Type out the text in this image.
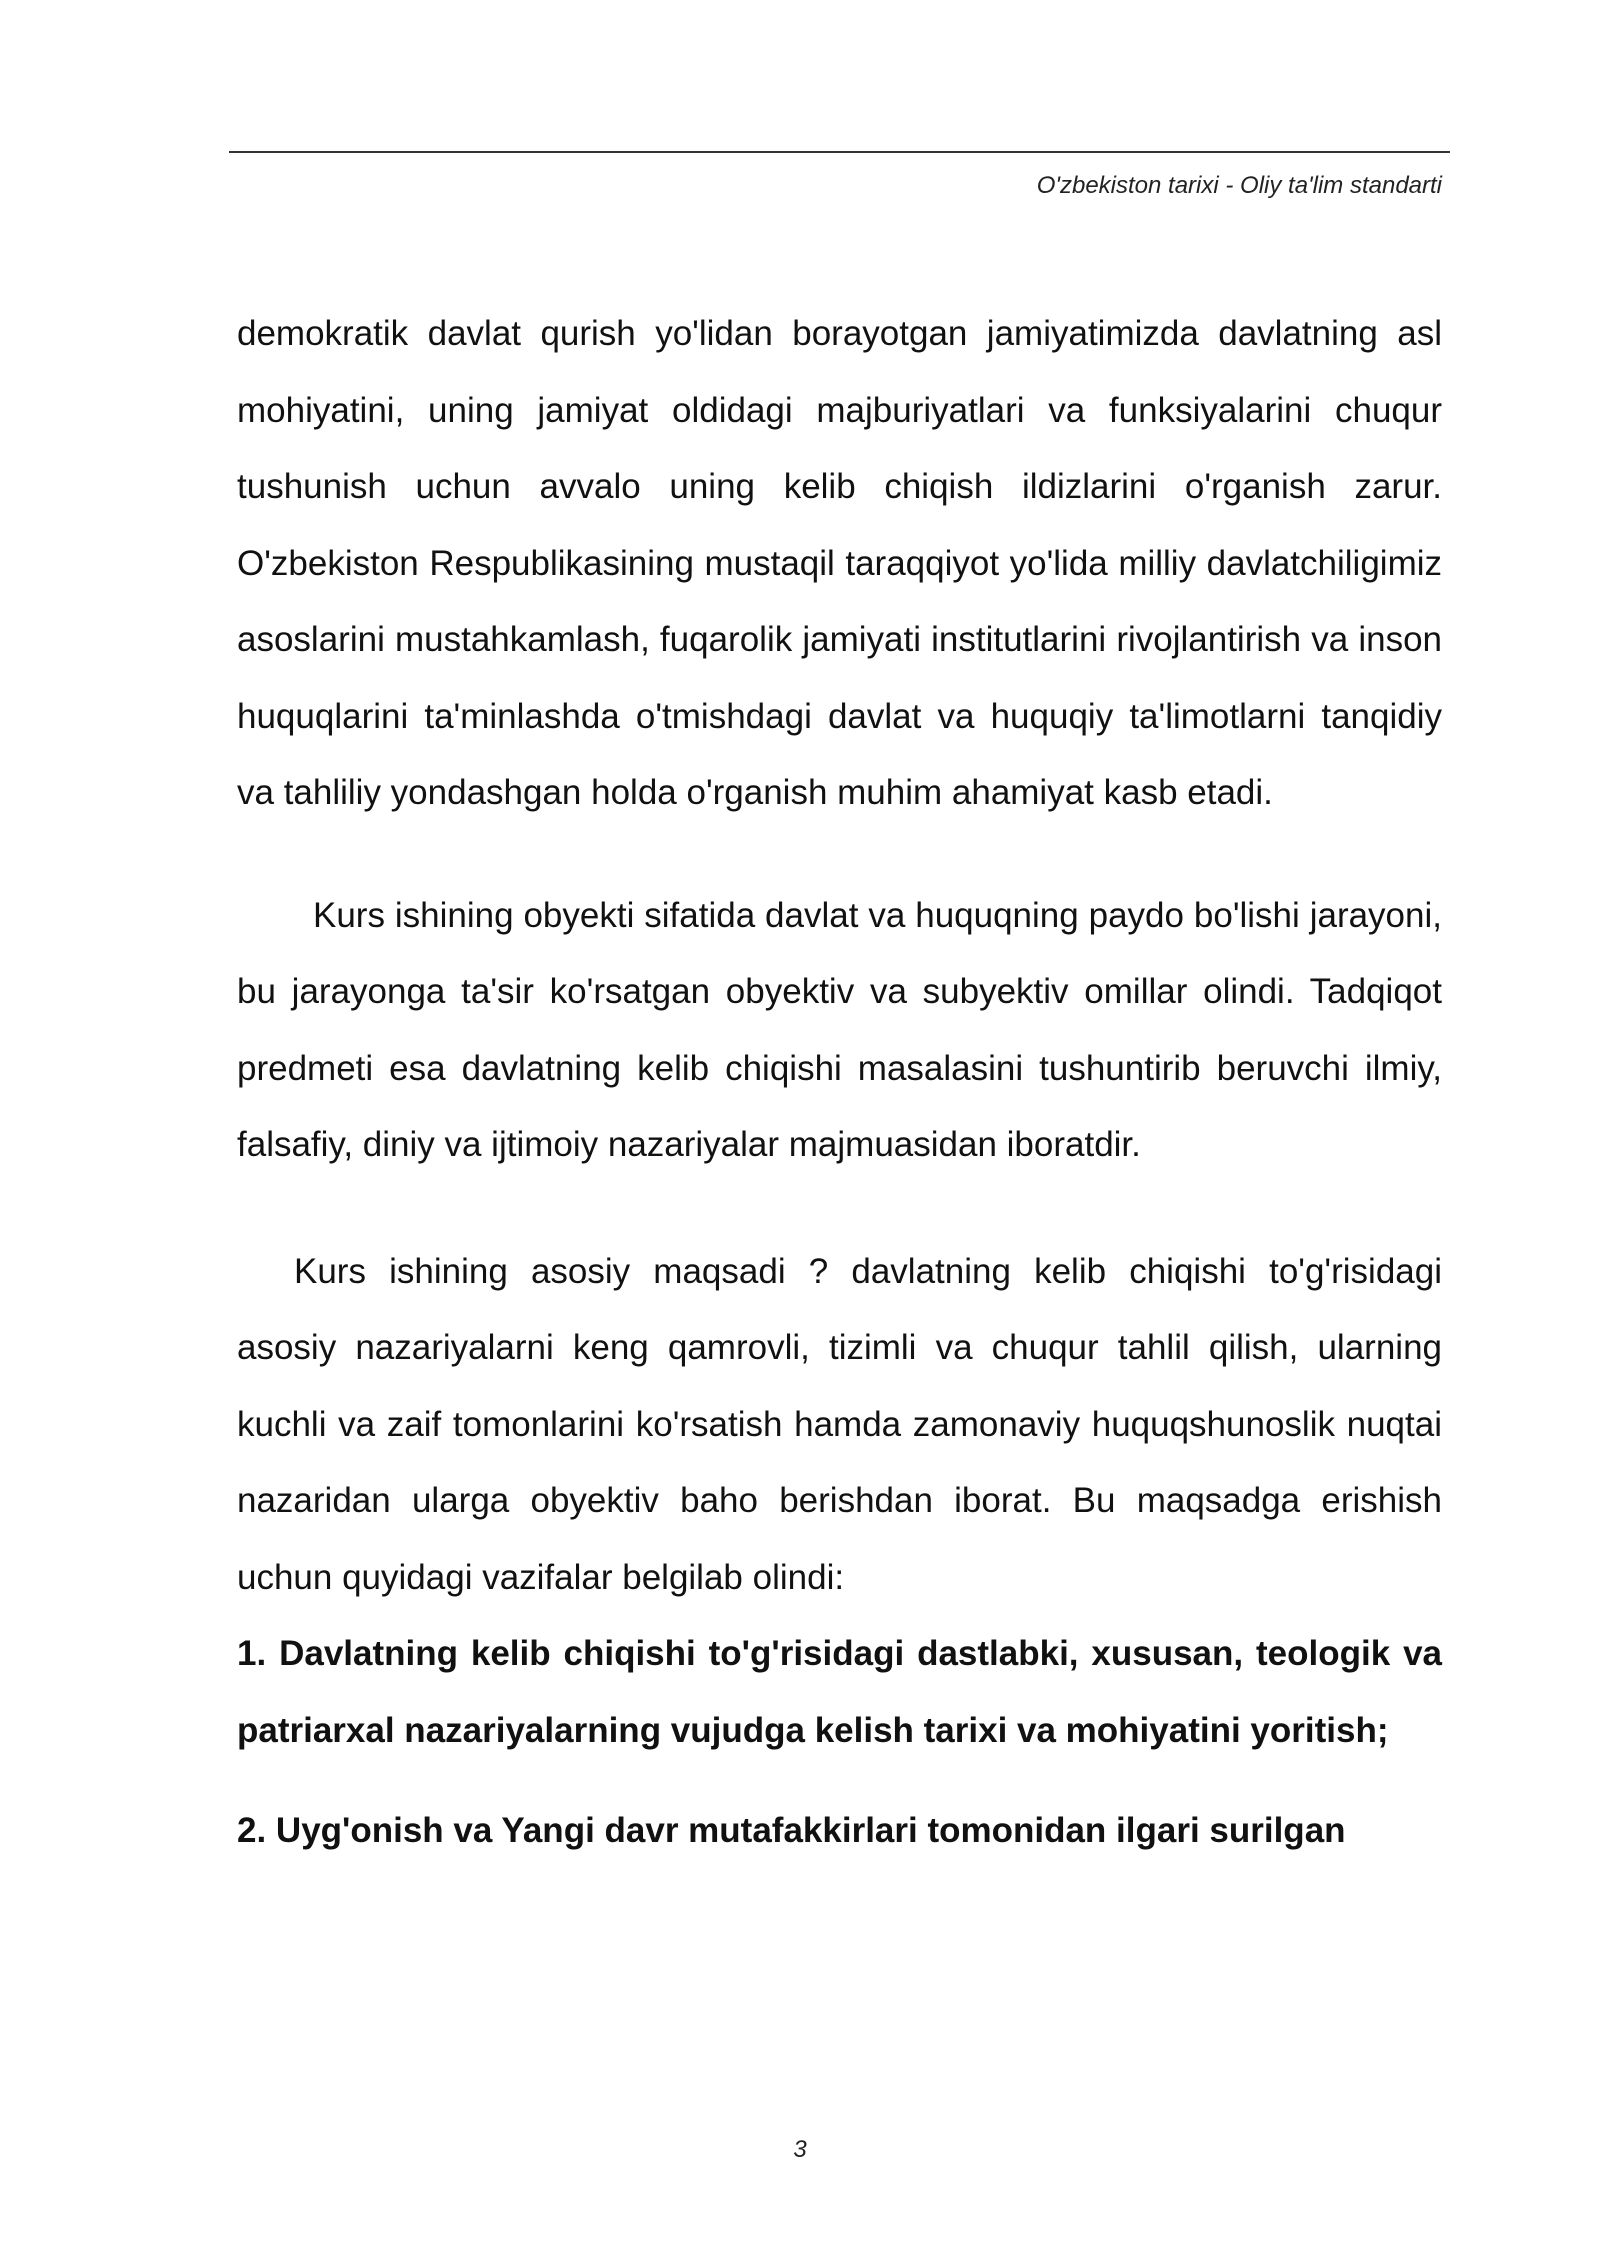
O'zbekiston tarixi - Oliy ta'lim standarti

demokratik davlat qurish yo'lidan borayotgan jamiyatimizda davlatning asl mohiyatini, uning jamiyat oldidagi majburiyatlari va funksiyalarini chuqur tushunish uchun avvalo uning kelib chiqish ildizlarini o'rganish zarur. O'zbekiston Respublikasining mustaqil taraqqiyot yo'lida milliy davlatchiligimiz asoslarini mustahkamlash, fuqarolik jamiyati institutlarini rivojlantirish va inson huquqlarini ta'minlashda o'tmishdagi davlat va huquqiy ta'limotlarni tanqidiy va tahliliy yondashgan holda o'rganish muhim ahamiyat kasb etadi.

Kurs ishining obyekti sifatida davlat va huquqning paydo bo'lishi jarayoni, bu jarayonga ta'sir ko'rsatgan obyektiv va subyektiv omillar olindi. Tadqiqot predmeti esa davlatning kelib chiqishi masalasini tushuntirib beruvchi ilmiy, falsafiy, diniy va ijtimoiy nazariyalar majmuasidan iboratdir.

Kurs ishining asosiy maqsadi ? davlatning kelib chiqishi to'g'risidagi asosiy nazariyalarni keng qamrovli, tizimli va chuqur tahlil qilish, ularning kuchli va zaif tomonlarini ko'rsatish hamda zamonaviy huquqshunoslik nuqtai nazaridan ularga obyektiv baho berishdan iborat. Bu maqsadga erishish uchun quyidagi vazifalar belgilab olindi:

1. Davlatning kelib chiqishi to'g'risidagi dastlabki, xususan, teologik va patriarxal nazariyalarning vujudga kelish tarixi va mohiyatini yoritish;

2. Uyg'onish va Yangi davr mutafakkirlari tomonidan ilgari surilgan

3
